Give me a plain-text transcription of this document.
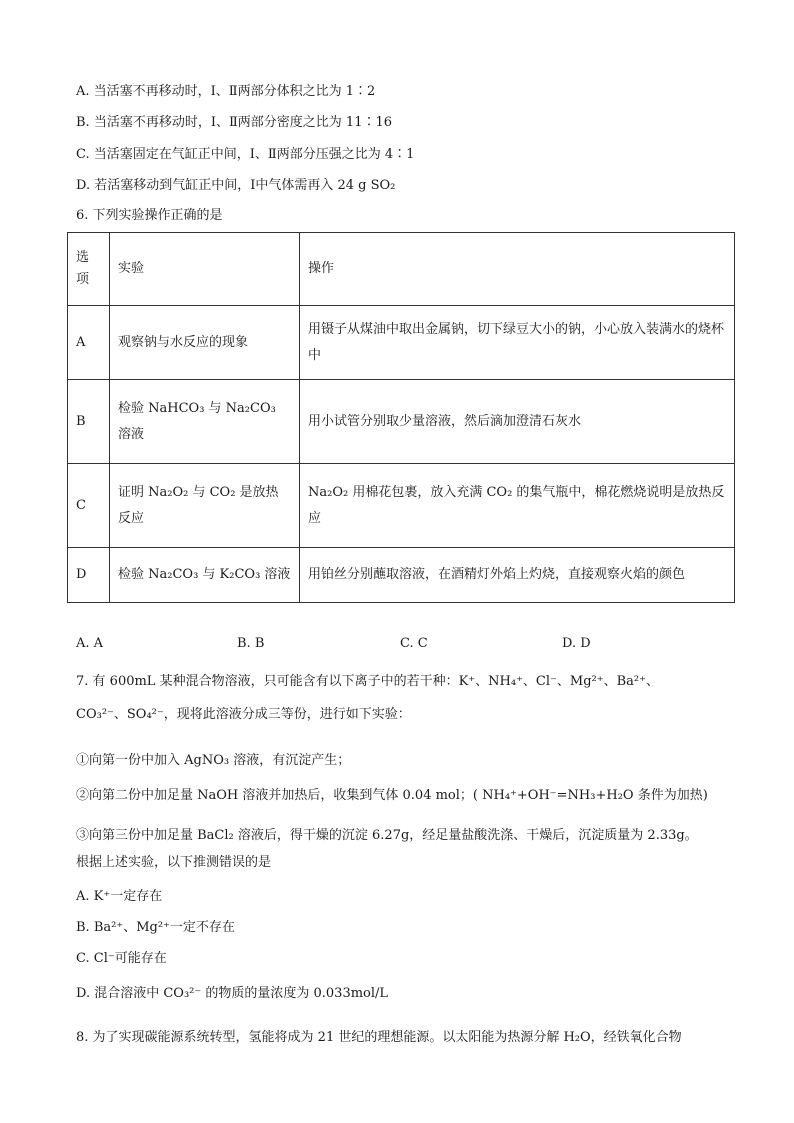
A. 当活塞不再移动时，Ⅰ、Ⅱ两部分体积之比为 1∶2
B. 当活塞不再移动时，Ⅰ、Ⅱ两部分密度之比为 11∶16
C. 当活塞固定在气缸正中间，Ⅰ、Ⅱ两部分压强之比为 4∶1
D. 若活塞移动到气缸正中间，Ⅰ中气体需再入 24 g SO₂
6. 下列实验操作正确的是
选项	实验	操作
A	观察钠与水反应的现象	用镊子从煤油中取出金属钠，切下绿豆大小的钠，小心放入装满水的烧杯中
B	检验 NaHCO₃ 与 Na₂CO₃ 溶液	用小试管分别取少量溶液，然后滴加澄清石灰水
C	证明 Na₂O₂ 与 CO₂ 是放热反应	Na₂O₂ 用棉花包裹，放入充满 CO₂ 的集气瓶中，棉花燃烧说明是放热反应
D	检验 Na₂CO₃ 与 K₂CO₃ 溶液	用铂丝分别蘸取溶液，在酒精灯外焰上灼烧，直接观察火焰的颜色
A. A	B. B	C. C	D. D
7. 有 600mL 某种混合物溶液，只可能含有以下离子中的若干种：K⁺、NH₄⁺、Cl⁻、Mg²⁺、Ba²⁺、
CO₃²⁻、SO₄²⁻，现将此溶液分成三等份，进行如下实验：
①向第一份中加入 AgNO₃ 溶液，有沉淀产生；
②向第二份中加足量 NaOH 溶液并加热后，收集到气体 0.04 mol；( NH₄⁺+OH⁻=NH₃+H₂O 条件为加热)
③向第三份中加足量 BaCl₂ 溶液后，得干燥的沉淀 6.27g，经足量盐酸洗涤、干燥后，沉淀质量为 2.33g。
根据上述实验，以下推测错误的是
A. K⁺一定存在
B. Ba²⁺、Mg²⁺一定不存在
C. Cl⁻可能存在
D. 混合溶液中 CO₃²⁻ 的物质的量浓度为 0.033mol/L
8. 为了实现碳能源系统转型，氢能将成为 21 世纪的理想能源。以太阳能为热源分解 H₂O，经铁氧化合物
